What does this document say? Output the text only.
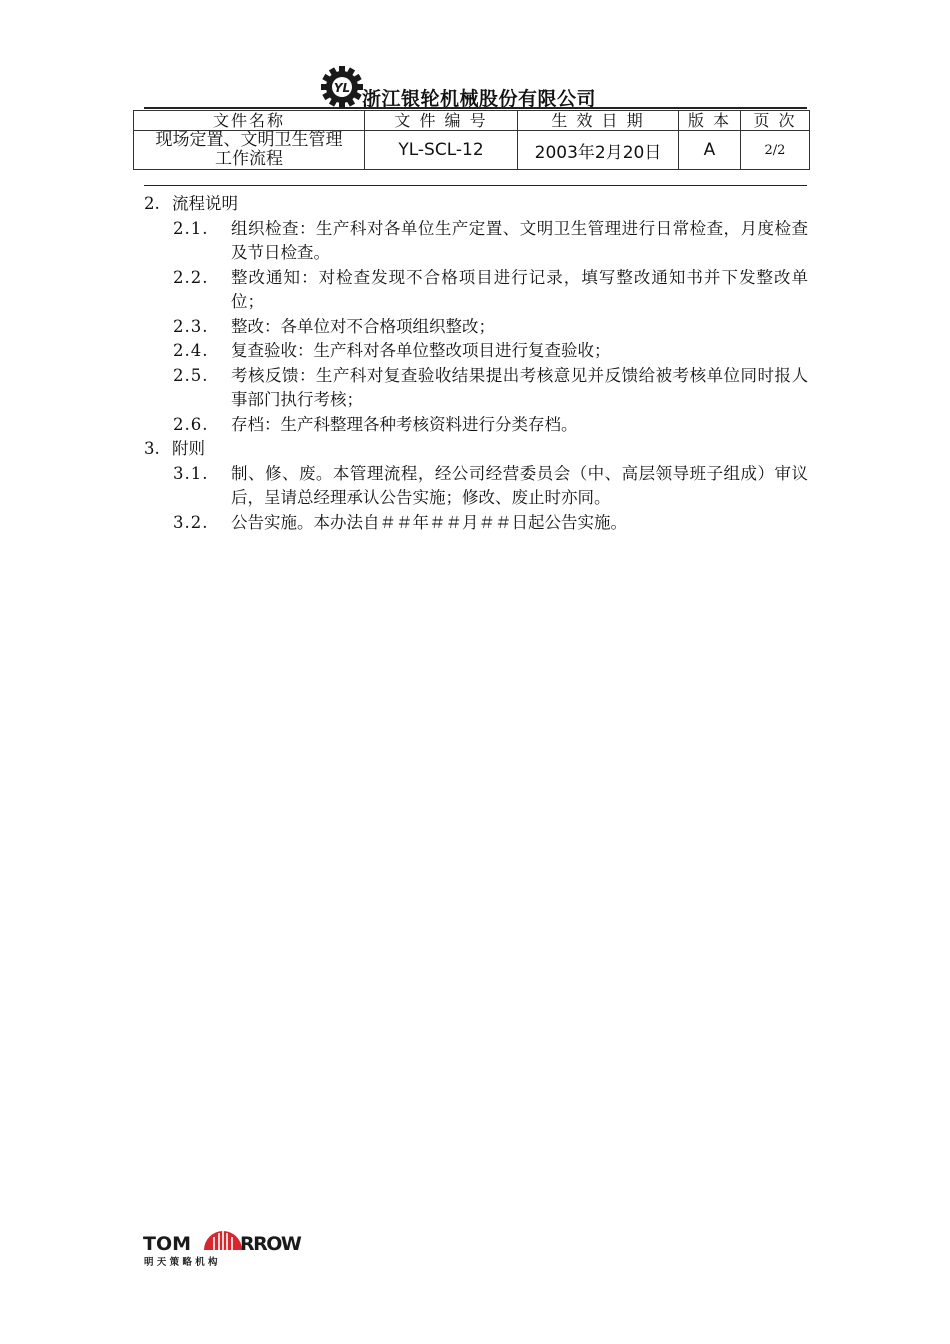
YL 浙江银轮机械股份有限公司
文件名称	文 件 编 号	生 效 日 期	版 本	页 次

现场定置、文明卫生管理
工作流程	YL-SCL-12	2003年2月20日	A	2/2
2. 流程说明
2.1. 组织检查：生产科对各单位生产定置、文明卫生管理进行日常检查，月度检查及节日检查。
2.2. 整改通知：对检查发现不合格项目进行记录，填写整改通知书并下发整改单位；
2.3. 整改：各单位对不合格项组织整改；
2.4. 复查验收：生产科对各单位整改项目进行复查验收；
2.5. 考核反馈：生产科对复查验收结果提出考核意见并反馈给被考核单位同时报人事部门执行考核；
2.6. 存档：生产科整理各种考核资料进行分类存档。
3. 附则
3.1. 制、修、废。本管理流程，经公司经营委员会（中、高层领导班子组成）审议后，呈请总经理承认公告实施；修改、废止时亦同。
3.2. 公告实施。本办法自＃＃年＃＃月＃＃日起公告实施。
TOM	RROW
明 天 策 略 机 构
